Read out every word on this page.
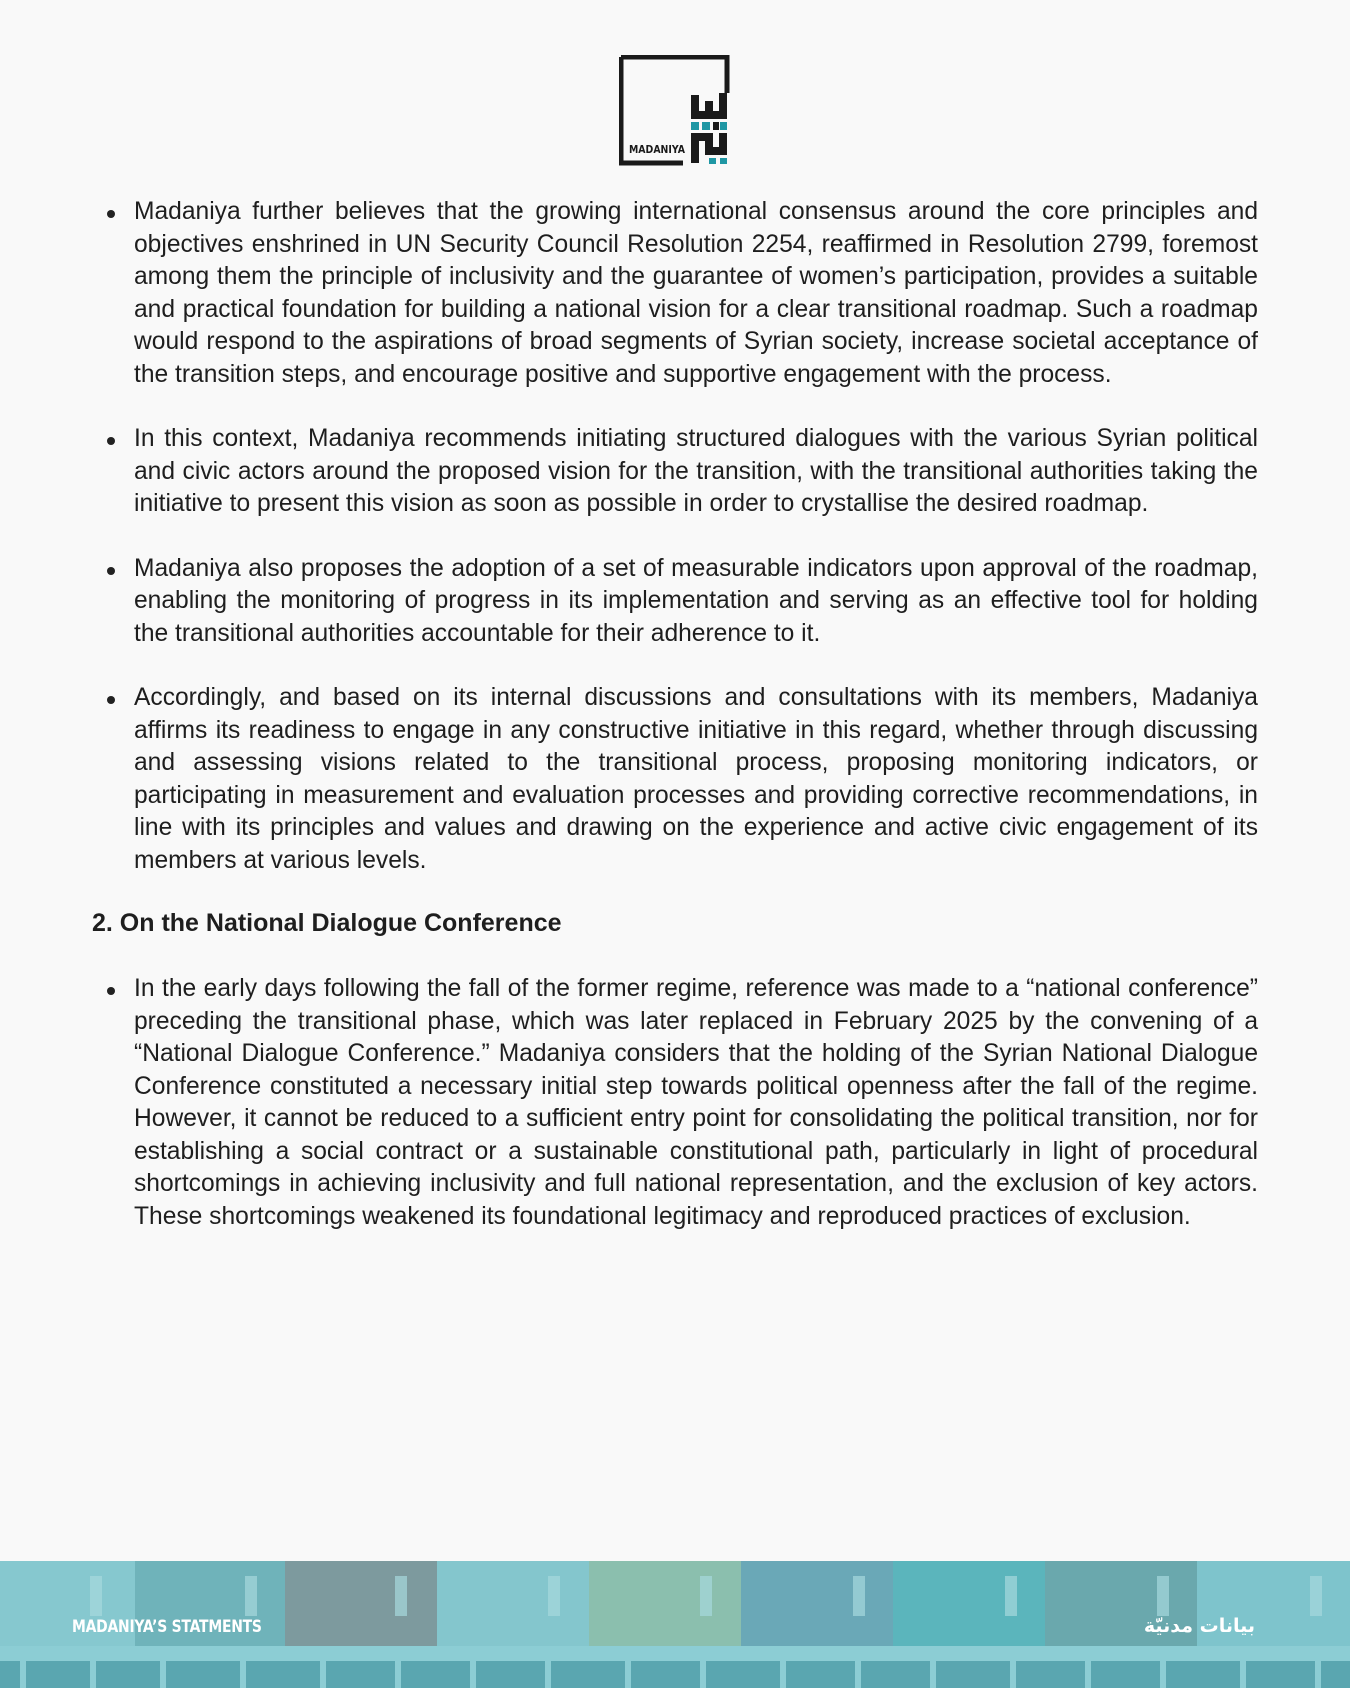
MADANIYA
Madaniya further believes that the growing international consensus around the core principles and objectives enshrined in UN Security Council Resolution 2254, reaffirmed in Resolution 2799, foremost among them the principle of inclusivity and the guarantee of women’s participation, provides a suitable and practical foundation for building a national vision for a clear transitional roadmap. Such a roadmap would respond to the aspirations of broad segments of Syrian society, increase societal acceptance of the transition steps, and encourage positive and supportive engagement with the process.
In this context, Madaniya recommends initiating structured dialogues with the various Syrian political and civic actors around the proposed vision for the transition, with the transitional authorities taking the initiative to present this vision as soon as possible in order to crystallise the desired roadmap.
Madaniya also proposes the adoption of a set of measurable indicators upon approval of the roadmap, enabling the monitoring of progress in its implementation and serving as an effective tool for holding the transitional authorities accountable for their adherence to it.
Accordingly, and based on its internal discussions and consultations with its members, Madaniya affirms its readiness to engage in any constructive initiative in this regard, whether through discussing and assessing visions related to the transitional process, proposing monitoring indicators, or participating in measurement and evaluation processes and providing corrective recommendations, in line with its principles and values and drawing on the experience and active civic engagement of its members at various levels.
2. On the National Dialogue Conference
In the early days following the fall of the former regime, reference was made to a “national conference” preceding the transitional phase, which was later replaced in February 2025 by the convening of a “National Dialogue Conference.” Madaniya considers that the holding of the Syrian National Dialogue Conference constituted a necessary initial step towards political openness after the fall of the regime. However, it cannot be reduced to a sufficient entry point for consolidating the political transition, nor for establishing a social contract or a sustainable constitutional path, particularly in light of procedural shortcomings in achieving inclusivity and full national representation, and the exclusion of key actors. These shortcomings weakened its foundational legitimacy and reproduced practices of exclusion.
MADANIYA’S STATMENTS	بيانات مدنيّة
